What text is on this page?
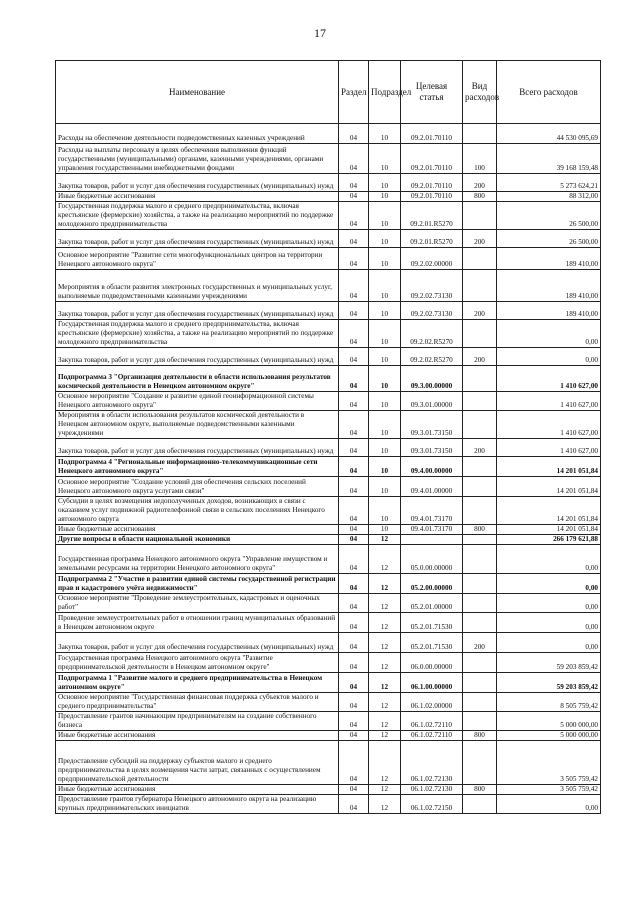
17
Наименование	Раздел	Подраздел	Целевая статья	Вид расходов	Всего расходов
Расходы на обеспечение деятельности подведомственных казенных учреждений	04	10	09.2.01.70110		44 530 095,69
Расходы на выплаты персоналу в целях обеспечения выполнения функций государственными (муниципальными) органами, казенными учреждениями, органами управления государственными внебюджетными фондами	04	10	09.2.01.70110	100	39 168 159,48
Закупка товаров, работ и услуг для обеспечения государственных (муниципальных) нужд	04	10	09.2.01.70110	200	5 273 624,21
Иные бюджетные ассигнования	04	10	09.2.01.70110	800	88 312,00
Государственная поддержка малого и среднего предпринимательства, включая крестьянские (фермерские) хозяйства, а также на реализацию мероприятий по поддержке молодежного предпринимательства	04	10	09.2.01.R5270		26 500,00
Закупка товаров, работ и услуг для обеспечения государственных (муниципальных) нужд	04	10	09.2.01.R5270	200	26 500,00
Основное мероприятие "Развитие сети многофункциональных центров на территории Ненецкого автономного округа"	04	10	09.2.02.00000		189 410,00
Мероприятия в области развития электронных государственных и муниципальных услуг, выполняемые подведомственными казенными учреждениями	04	10	09.2.02.73130		189 410,00
Закупка товаров, работ и услуг для обеспечения государственных (муниципальных) нужд	04	10	09.2.02.73130	200	189 410,00
Государственная поддержка малого и среднего предпринимательства, включая крестьянские (фермерские) хозяйства, а также на реализацию мероприятий по поддержке молодежного предпринимательства	04	10	09.2.02.R5270		0,00
Закупка товаров, работ и услуг для обеспечения государственных (муниципальных) нужд	04	10	09.2.02.R5270	200	0,00
Подпрограмма 3 "Организация деятельности в области использования результатов космической деятельности в Ненецком автономном округе"	04	10	09.3.00.00000		1 410 627,00
Основное мероприятие "Создание и развитие единой геоинформационной системы Ненецкого автономного округа"	04	10	09.3.01.00000		1 410 627,00
Мероприятия в области использования результатов космической деятельности в Ненецком автономном округе, выполняемые подведомственными казенными учреждениями	04	10	09.3.01.73150		1 410 627,00
Закупка товаров, работ и услуг для обеспечения государственных (муниципальных) нужд	04	10	09.3.01.73150	200	1 410 627,00
Подпрограмма 4 "Региональные информационно-телекоммуникационные сети Ненецкого автономного округа"	04	10	09.4.00.00000		14 201 051,84
Основное мероприятие "Создание условий для обеспечения сельских поселений Ненецкого автономного округа услугами связи"	04	10	09.4.01.00000		14 201 051,84
Субсидии в целях возмещения недополученных доходов, возникающих в связи с оказанием услуг подвижной радиотелефонной связи в сельских поселениях Ненецкого автономного округа	04	10	09.4.01.73170		14 201 051,84
Иные бюджетные ассигнования	04	10	09.4.01.73170	800	14 201 051,84
Другие вопросы в области национальной экономики	04	12			266 179 621,88
Государственная программа Ненецкого автономного округа "Управление имуществом и земельными ресурсами на территории Ненецкого автономного округа"	04	12	05.0.00.00000		0,00
Подпрограмма 2 "Участие в развитии единой системы государственной регистрации прав и кадастрового учёта недвижимости"	04	12	05.2.00.00000		0,00
Основное мероприятие "Проведение землеустроительных, кадастровых и оценочных работ"	04	12	05.2.01.00000		0,00
Проведение землеустроительных работ в отношении границ муниципальных образований в Ненецком автономном округе	04	12	05.2.01.71530		0,00
Закупка товаров, работ и услуг для обеспечения государственных (муниципальных) нужд	04	12	05.2.01.71530	200	0,00
Государственная программа Ненецкого автономного округа "Развитие предпринимательской деятельности в Ненецком автономном округе"	04	12	06.0.00.00000		59 203 859,42
Подпрограмма 1 "Развитие малого и среднего предпринимательства в Ненецком автономном округе"	04	12	06.1.00.00000		59 203 859,42
Основное мероприятие "Государственная финансовая поддержка субъектов малого и среднего предпринимательства"	04	12	06.1.02.00000		8 505 759,42
Предоставление грантов начинающим предпринимателям на создание собственного бизнеса	04	12	06.1.02.72110		5 000 000,00
Иные бюджетные ассигнования	04	12	06.1.02.72110	800	5 000 000,00
Предоставление субсидий на поддержку субъектов малого и среднего предпринимательства в целях возмещения части затрат, связанных с осуществлением предпринимательской деятельности	04	12	06.1.02.72130		3 505 759,42
Иные бюджетные ассигнования	04	12	06.1.02.72130	800	3 505 759,42
Предоставление грантов губернатора Ненецкого автономного округа на реализацию крупных предпринимательских инициатив	04	12	06.1.02.72150		0,00
